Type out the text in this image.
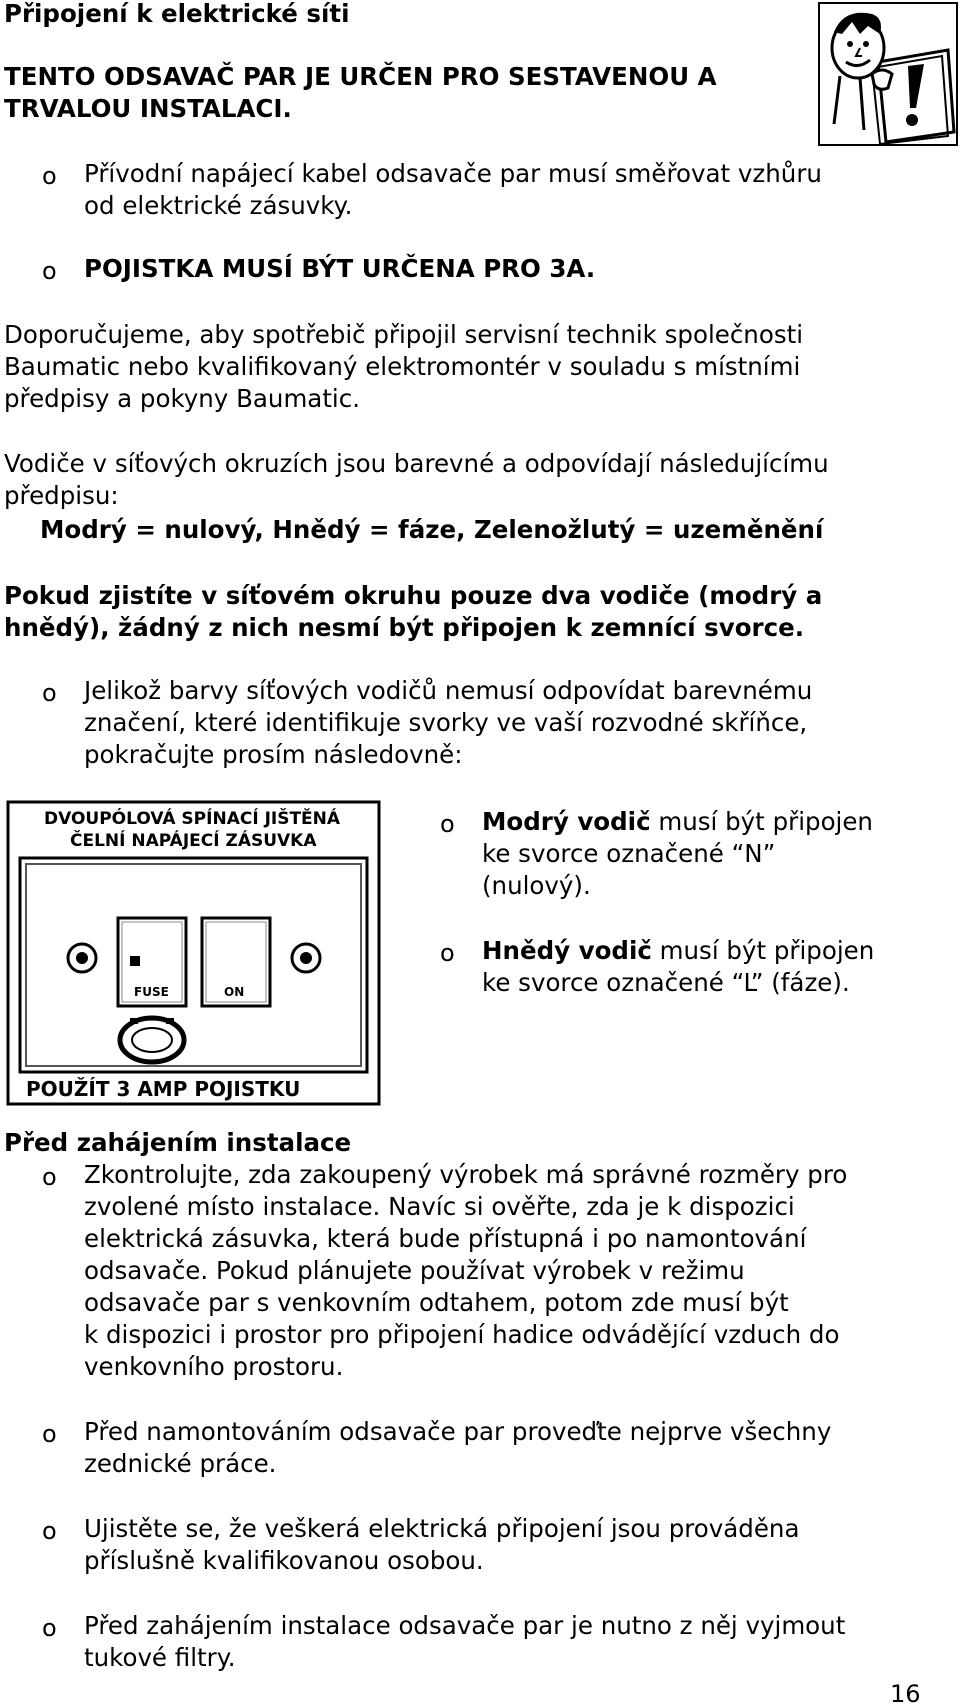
Připojení k elektrické síti
TENTO ODSAVAČ PAR JE URČEN PRO SESTAVENOU A
TRVALOU INSTALACI.
o Přívodní napájecí kabel odsavače par musí směřovat vzhůru
od elektrické zásuvky.
o POJISTKA MUSÍ BÝT URČENA PRO 3A.
Doporučujeme, aby spotřebič připojil servisní technik společnosti
Baumatic nebo kvalifikovaný elektromontér v souladu s místními
předpisy a pokyny Baumatic.
Vodiče v síťových okruzích jsou barevné a odpovídají následujícímu
předpisu:
Modrý = nulový, Hnědý = fáze, Zelenožlutý = uzeměnění
Pokud zjistíte v síťovém okruhu pouze dva vodiče (modrý a
hnědý), žádný z nich nesmí být připojen k zemnící svorce.
o Jelikož barvy síťových vodičů nemusí odpovídat barevnému
značení, které identifikuje svorky ve vaší rozvodné skříňce,
pokračujte prosím následovně:
DVOUPÓLOVÁ SPÍNACÍ JIŠTĚNÁ
ČELNÍ NAPÁJECÍ ZÁSUVKA
FUSE	ON
POUŽÍT 3 AMP POJISTKU
o Modrý vodič musí být připojen
ke svorce označené “N”
(nulový).
o Hnědý vodič musí být připojen
ke svorce označené “L” (fáze).
Před zahájením instalace
o Zkontrolujte, zda zakoupený výrobek má správné rozměry pro
zvolené místo instalace. Navíc si ověřte, zda je k dispozici
elektrická zásuvka, která bude přístupná i po namontování
odsavače. Pokud plánujete používat výrobek v režimu
odsavače par s venkovním odtahem, potom zde musí být
k dispozici i prostor pro připojení hadice odvádějící vzduch do
venkovního prostoru.
o Před namontováním odsavače par proveďte nejprve všechny
zednické práce.
o Ujistěte se, že veškerá elektrická připojení jsou prováděna
příslušně kvalifikovanou osobou.
o Před zahájením instalace odsavače par je nutno z něj vyjmout
tukové filtry.
16
